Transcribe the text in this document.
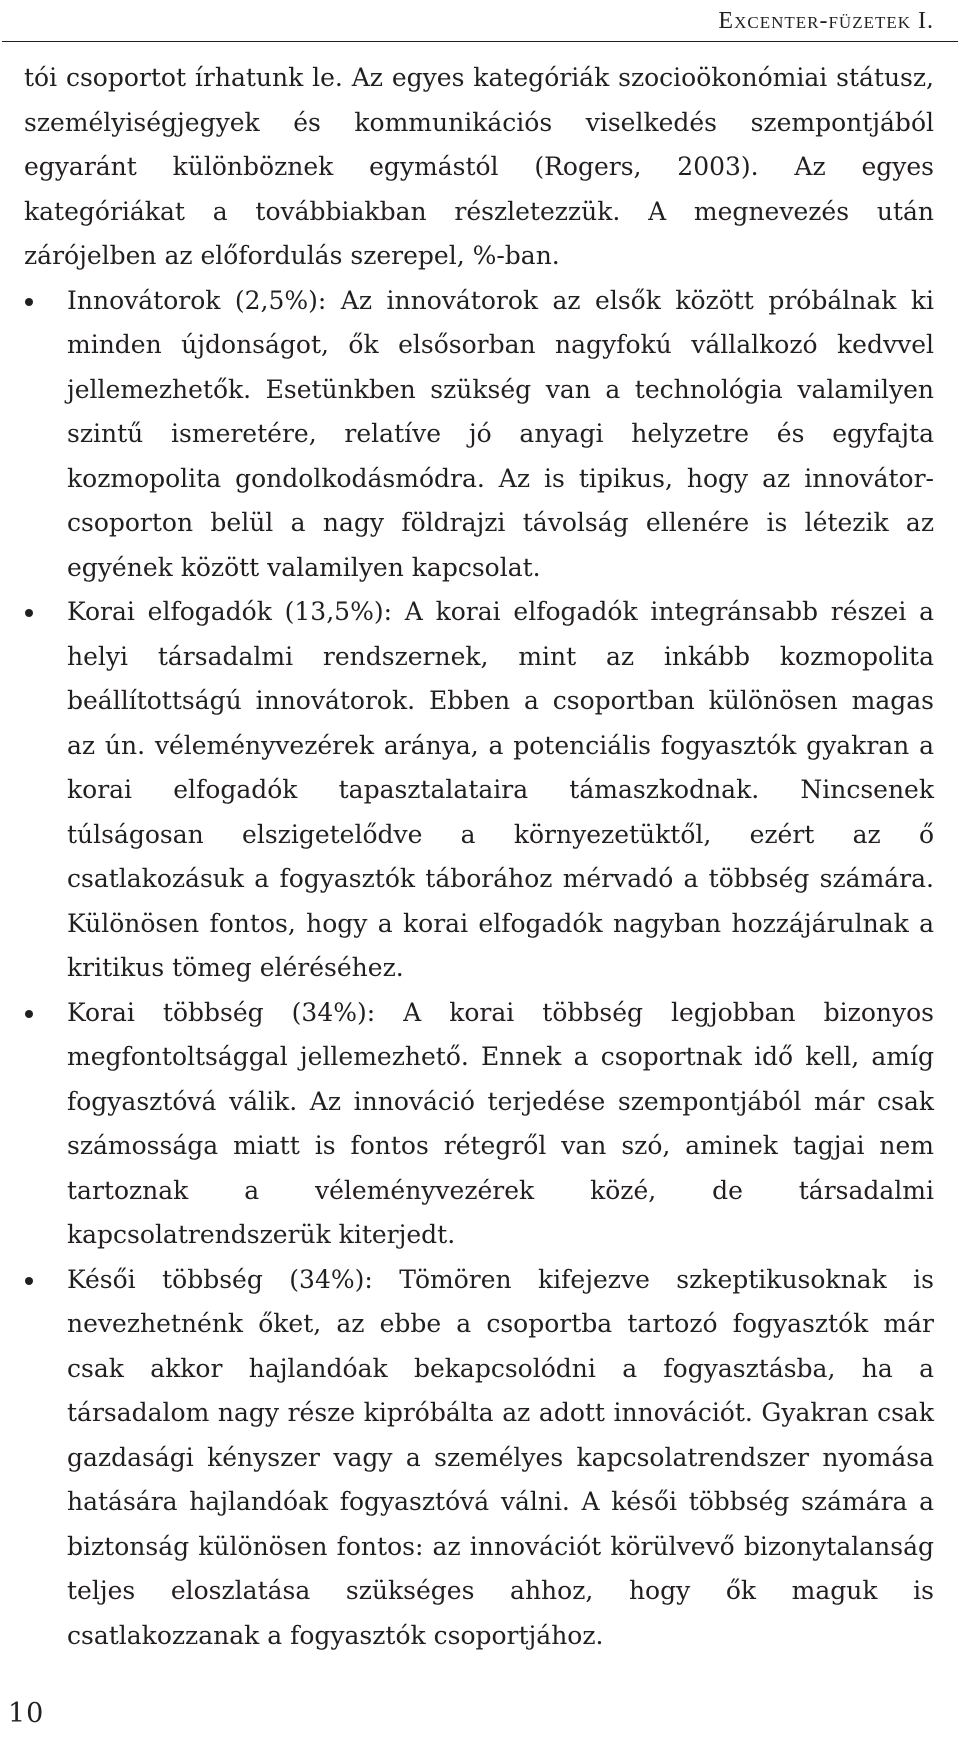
Excenter-füzetek I.

tói csoportot írhatunk le. Az egyes kategóriák szocioökonómiai státusz, személyiségjegyek és kommunikációs viselkedés szempontjából egyaránt különböznek egymástól (Rogers, 2003). Az egyes kategóriákat a továbbiakban részletezzük. A megnevezés után zárójelben az előfordulás szerepel, %-ban.

Innovátorok (2,5%): Az innovátorok az elsők között próbálnak ki minden újdonságot, ők elsősorban nagyfokú vállalkozó kedvvel jellemezhetők. Esetünkben szükség van a technológia valamilyen szintű ismeretére, relatíve jó anyagi helyzetre és egyfajta kozmopolita gondolkodásmódra. Az is tipikus, hogy az innovátor-csoporton belül a nagy földrajzi távolság ellenére is létezik az egyének között valamilyen kapcsolat.
Korai elfogadók (13,5%): A korai elfogadók integránsabb részei a helyi társadalmi rendszernek, mint az inkább kozmopolita beállítottságú innovátorok. Ebben a csoportban különösen magas az ún. véleményvezérek aránya, a potenciális fogyasztók gyakran a korai elfogadók tapasztalataira támaszkodnak. Nincsenek túlságosan elszigetelődve a környezetüktől, ezért az ő csatlakozásuk a fogyasztók táborához mérvadó a többség számára. Különösen fontos, hogy a korai elfogadók nagyban hozzájárulnak a kritikus tömeg eléréséhez.
Korai többség (34%): A korai többség legjobban bizonyos megfontoltsággal jellemezhető. Ennek a csoportnak idő kell, amíg fogyasztóvá válik. Az innováció terjedése szempontjából már csak számossága miatt is fontos rétegről van szó, aminek tagjai nem tartoznak a véleményvezérek közé, de társadalmi kapcsolatrendszerük kiterjedt.
Késői többség (34%): Tömören kifejezve szkeptikusoknak is nevezhetnénk őket, az ebbe a csoportba tartozó fogyasztók már csak akkor hajlandóak bekapcsolódni a fogyasztásba, ha a társadalom nagy része kipróbálta az adott innovációt. Gyakran csak gazdasági kényszer vagy a személyes kapcsolatrendszer nyomása hatására hajlandóak fogyasztóvá válni. A késői többség számára a biztonság különösen fontos: az innovációt körülvevő bizonytalanság teljes eloszlatása szükséges ahhoz, hogy ők maguk is csatlakozzanak a fogyasztók csoportjához.
10
